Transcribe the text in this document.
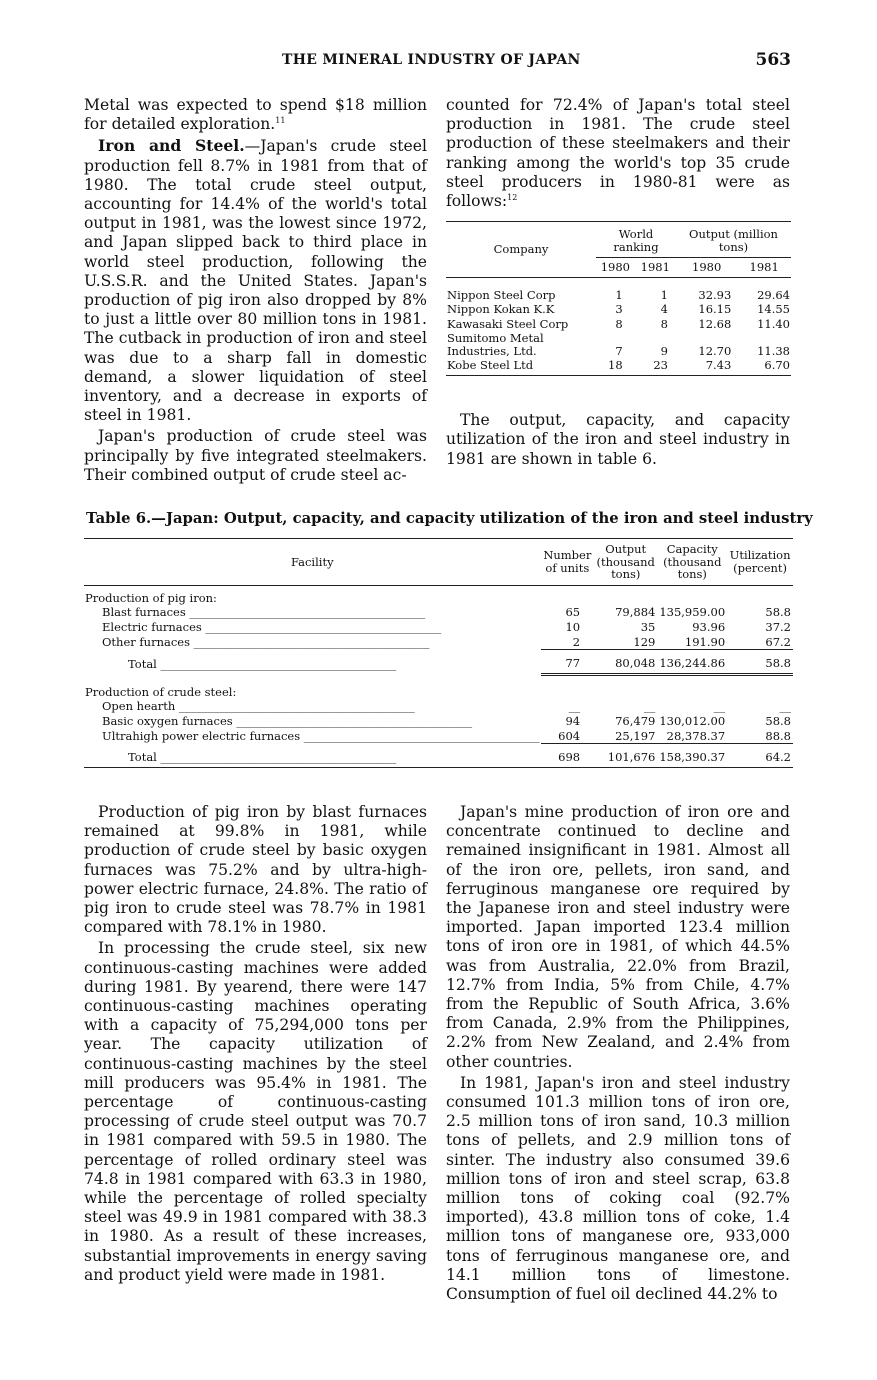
THE MINERAL INDUSTRY OF JAPAN	563

Metal was expected to spend $18 million for detailed exploration.$^{11}$

Iron and Steel.—Japan's crude steel production fell 8.7% in 1981 from that of 1980. The total crude steel output, accounting for 14.4% of the world's total output in 1981, was the lowest since 1972, and Japan slipped back to third place in world steel production, following the U.S.S.R. and the United States. Japan's production of pig iron also dropped by 8% to just a little over 80 million tons in 1981. The cutback in production of iron and steel was due to a sharp fall in domestic demand, a slower liquidation of steel inventory, and a decrease in exports of steel in 1981.

Japan's production of crude steel was principally by five integrated steelmakers. Their combined output of crude steel ac-

counted for 72.4% of Japan's total steel production in 1981. The crude steel production of these steelmakers and their ranking among the world's top 35 crude steel producers in 1980-81 were as follows:$^{12}$

The output, capacity, and capacity utilization of the iron and steel industry in 1981 are shown in table 6.

Company	World ranking		Output (million tons)	
	1980	1981	1980	1981
Nippon Steel Corp	1	1	32.93	29.64
Nippon Kokan K.K	3	4	16.15	14.55
Kawasaki Steel Corp	8	8	12.68	11.40
Sumitomo Metal Industries, Ltd.	7	9	12.70	11.38
Kobe Steel Ltd	18	23	7.43	6.70
Table 6.—Japan: Output, capacity, and capacity utilization of the iron and steel industry
Facility	Number of units	Output (thousand tons)	Capacity (thousand tons)	Utilization (percent)
Production of pig iron:				
Blast furnaces _________________________________________	65	79,884	135,959.00	58.8
Electric furnaces _________________________________________	10	35	93.96	37.2
Other furnaces _________________________________________	2	129	191.90	67.2
Total _________________________________________	77	80,048	136,244.86	58.8
Production of crude steel:				
Open hearth _________________________________________	__	__	__	__
Basic oxygen furnaces _________________________________________	94	76,479	130,012.00	58.8
Ultrahigh power electric furnaces _________________________________________	604	25,197	28,378.37	88.8
Total _________________________________________	698	101,676	158,390.37	64.2

Production of pig iron by blast furnaces remained at 99.8% in 1981, while production of crude steel by basic oxygen furnaces was 75.2% and by ultra-high-power electric furnace, 24.8%. The ratio of pig iron to crude steel was 78.7% in 1981 compared with 78.1% in 1980.

In processing the crude steel, six new continuous-casting machines were added during 1981. By yearend, there were 147 continuous-casting machines operating with a capacity of 75,294,000 tons per year. The capacity utilization of continuous-casting machines by the steel mill producers was 95.4% in 1981. The percentage of continuous-casting processing of crude steel output was 70.7 in 1981 compared with 59.5 in 1980. The percentage of rolled ordinary steel was 74.8 in 1981 compared with 63.3 in 1980, while the percentage of rolled specialty steel was 49.9 in 1981 compared with 38.3 in 1980. As a result of these increases, substantial improvements in energy saving and product yield were made in 1981.

Japan's mine production of iron ore and concentrate continued to decline and remained insignificant in 1981. Almost all of the iron ore, pellets, iron sand, and ferruginous manganese ore required by the Japanese iron and steel industry were imported. Japan imported 123.4 million tons of iron ore in 1981, of which 44.5% was from Australia, 22.0% from Brazil, 12.7% from India, 5% from Chile, 4.7% from the Republic of South Africa, 3.6% from Canada, 2.9% from the Philippines, 2.2% from New Zealand, and 2.4% from other countries.

In 1981, Japan's iron and steel industry consumed 101.3 million tons of iron ore, 2.5 million tons of iron sand, 10.3 million tons of pellets, and 2.9 million tons of sinter. The industry also consumed 39.6 million tons of iron and steel scrap, 63.8 million tons of coking coal (92.7% imported), 43.8 million tons of coke, 1.4 million tons of manganese ore, 933,000 tons of ferruginous manganese ore, and 14.1 million tons of limestone. Consumption of fuel oil declined 44.2% to
